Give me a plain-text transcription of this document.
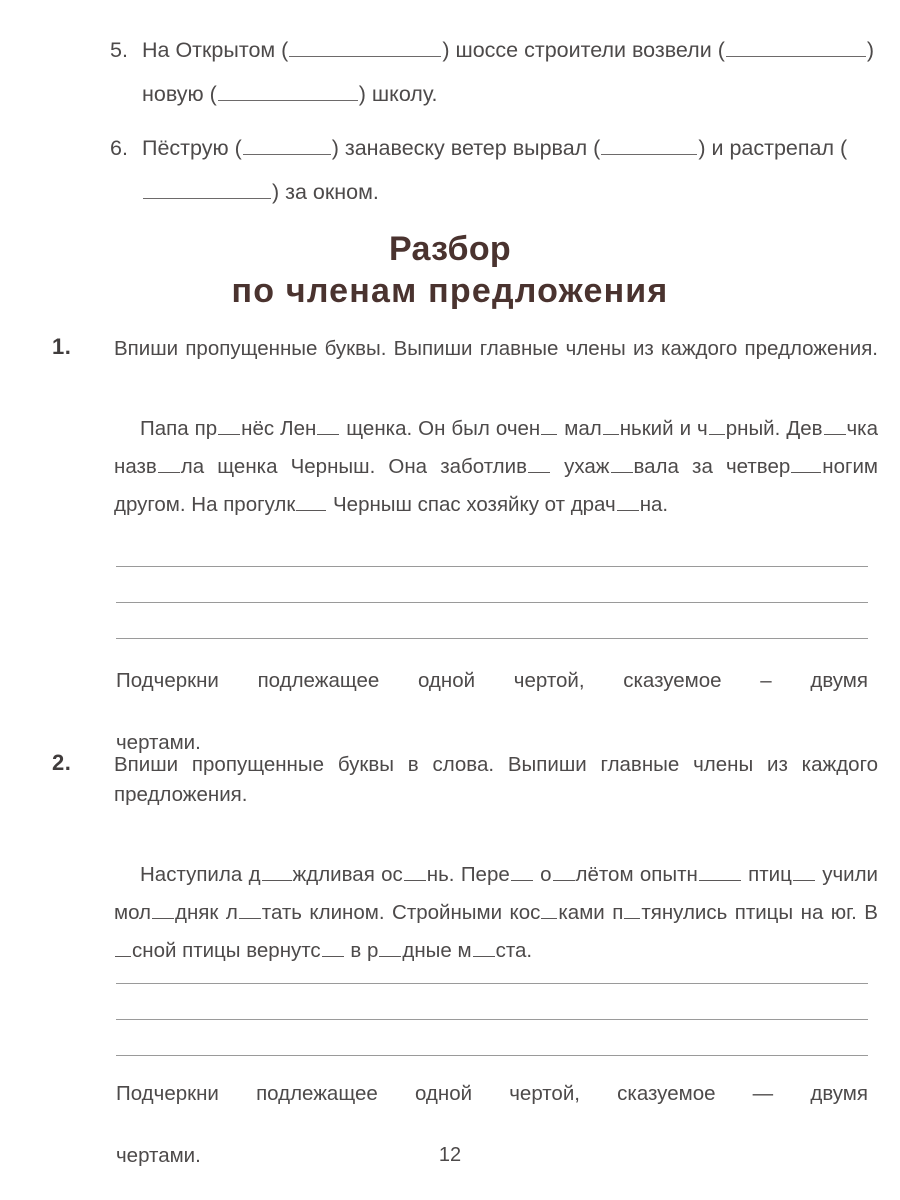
5. На Открытом (	) шоссе строители возвели (	) новую (	) школу.
6. Пёструю (	) занавеску ветер вырвал (	) и растрепал () за окном.
Разбор
по членам предложения
1.	Впиши пропущенные буквы. Выпиши главные члены из каждого предложения.
Папа пр нёс Лен щенка. Он был очен мал нький и ч рный. Дев чка назв ла щенка Черныш. Она заботлив ухаж вала за четвер ногим другом. На прогулк Черныш спас хозяйку от драч на.
Подчеркни подлежащее одной чертой, сказуемое – двумя
чертами.
2.	Впиши пропущенные буквы в слова. Выпиши главные члены из каждого предложения.
Наступила д ждливая ос нь. Пере о лётом опытн птиц учили мол дняк л тать клином. Стройными кос ками п тянулись птицы на юг. Всной птицы вернутс в р дные м ста.
Подчеркни подлежащее одной чертой, сказуемое — двумя
чертами.	12
